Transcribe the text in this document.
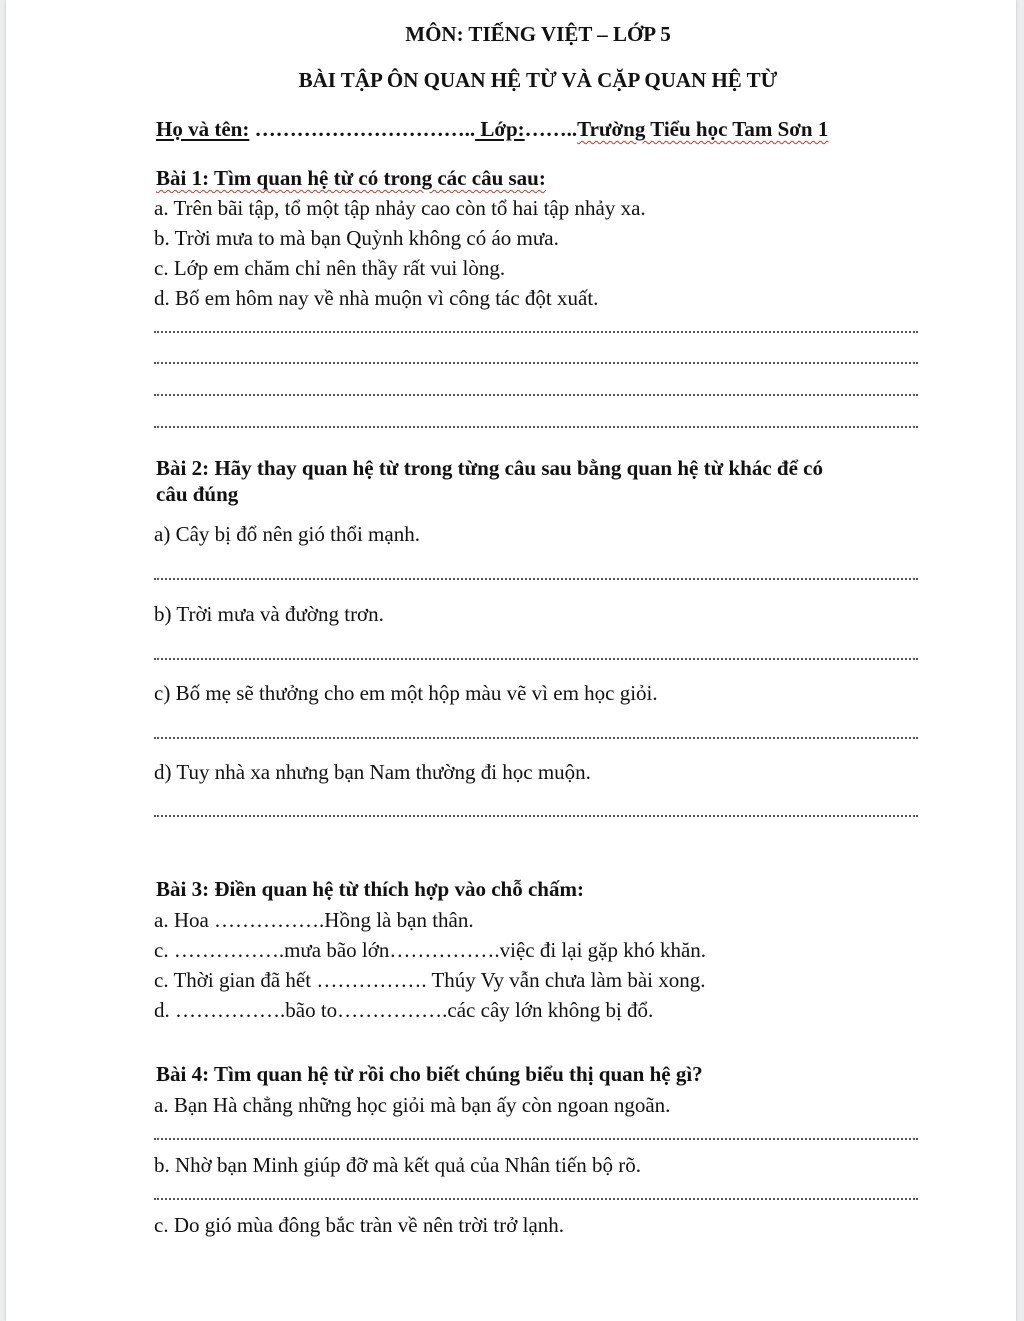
MÔN: TIẾNG VIỆT – LỚP 5
BÀI TẬP ÔN QUAN HỆ TỪ VÀ CẶP QUAN HỆ TỪ
Họ và tên: ………………………….. Lớp:……..Trường Tiểu học Tam Sơn 1
Bài 1: Tìm quan hệ từ có trong các câu sau:
a. Trên bãi tập, tổ một tập nhảy cao còn tổ hai tập nhảy xa.
b. Trời mưa to mà bạn Quỳnh không có áo mưa.
c. Lớp em chăm chỉ nên thầy rất vui lòng.
d. Bố em hôm nay về nhà muộn vì công tác đột xuất.
Bài 2: Hãy thay quan hệ từ trong từng câu sau bằng quan hệ từ khác để có
câu đúng
a) Cây bị đổ nên gió thổi mạnh.
b) Trời mưa và đường trơn.
c) Bố mẹ sẽ thưởng cho em một hộp màu vẽ vì em học giỏi.
d) Tuy nhà xa nhưng bạn Nam thường đi học muộn.
Bài 3: Điền quan hệ từ thích hợp vào chỗ chấm:
a. Hoa …………….Hồng là bạn thân.
c. …………….mưa bão lớn…………….việc đi lại gặp khó khăn.
c. Thời gian đã hết ……………. Thúy Vy vẫn chưa làm bài xong.
d. …………….bão to…………….các cây lớn không bị đổ.
Bài 4: Tìm quan hệ từ rồi cho biết chúng biểu thị quan hệ gì?
a. Bạn Hà chẳng những học giỏi mà bạn ấy còn ngoan ngoãn.
b. Nhờ bạn Minh giúp đỡ mà kết quả của Nhân tiến bộ rõ.
c. Do gió mùa đông bắc tràn về nên trời trở lạnh.
